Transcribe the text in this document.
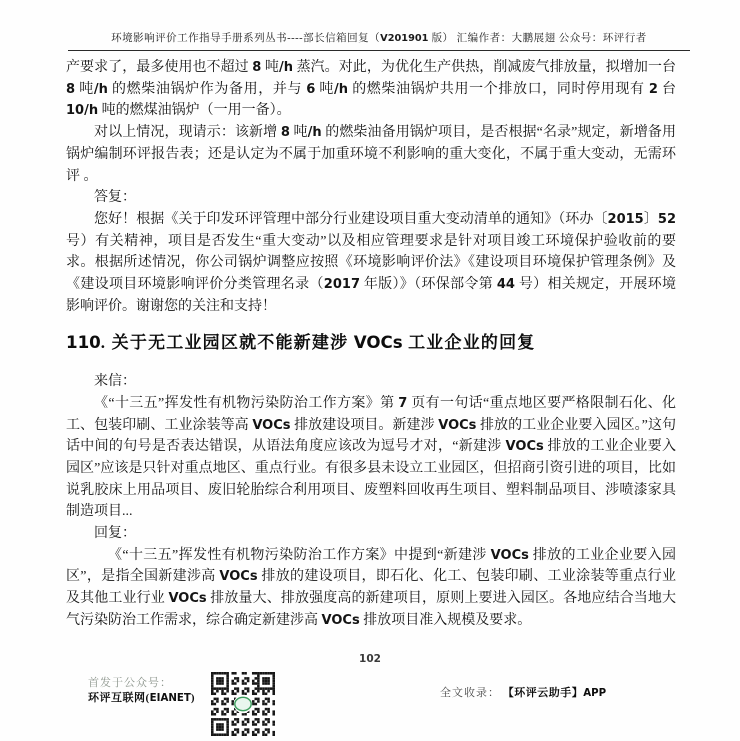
环境影响评价工作指导手册系列丛书----部长信箱回复（V201901 版） 汇编作者：大鹏展翅 公众号：环评行者

产要求了，最多使用也不超过 8 吨/h 蒸汽。对此，为优化生产供热，削减废气排放量，拟增加一台 8 吨/h 的燃柴油锅炉作为备用，并与 6 吨/h 的燃柴油锅炉共用一个排放口，同时停用现有 2 台 10/h 吨的燃煤油锅炉（一用一备）。

对以上情况，现请示：该新增 8 吨/h 的燃柴油备用锅炉项目，是否根据“名录”规定，新增备用锅炉编制环评报告表；还是认定为不属于加重环境不利影响的重大变化，不属于重大变动，无需环评 。

答复：

您好！根据《关于印发环评管理中部分行业建设项目重大变动清单的通知》（环办〔2015〕52 号）有关精神，项目是否发生“重大变动”以及相应管理要求是针对项目竣工环境保护验收前的要求。根据所述情况，你公司锅炉调整应按照《环境影响评价法》《建设项目环境保护管理条例》及《建设项目环境影响评价分类管理名录（2017 年版）》（环保部令第 44 号）相关规定，开展环境影响评价。谢谢您的关注和支持！

110. 关于无工业园区就不能新建涉 VOCs 工业企业的回复

来信：

《“十三五”挥发性有机物污染防治工作方案》第 7 页有一句话“重点地区要严格限制石化、化工、包装印刷、工业涂装等高 VOCs 排放建设项目。新建涉 VOCs 排放的工业企业要入园区。”这句话中间的句号是否表达错误，从语法角度应该改为逗号才对，“新建涉 VOCs 排放的工业企业要入园区”应该是只针对重点地区、重点行业。有很多县未设立工业园区，但招商引资引进的项目，比如说乳胶床上用品项目、废旧轮胎综合利用项目、废塑料回收再生项目、塑料制品项目、涉喷漆家具制造项目...

回复：

《“十三五”挥发性有机物污染防治工作方案》中提到“新建涉 VOCs 排放的工业企业要入园区”，是指全国新建涉高 VOCs 排放的建设项目，即石化、化工、包装印刷、工业涂装等重点行业及其他工业行业 VOCs 排放量大、排放强度高的新建项目，原则上要进入园区。各地应结合当地大气污染防治工作需求，综合确定新建涉高 VOCs 排放项目准入规模及要求。

102
首发于公众号：
环评互联网(EIANET)	全文收录： 【环评云助手】APP
